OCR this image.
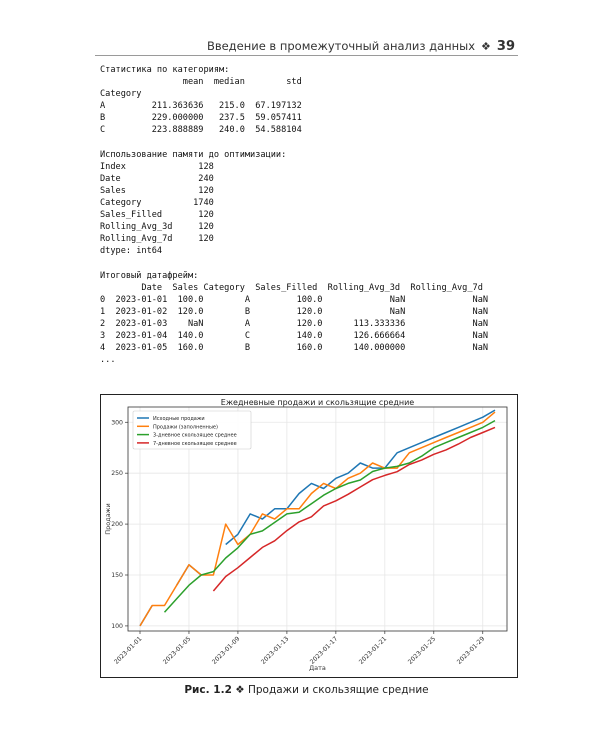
Введение в промежуточный анализ данных ❖ 39
Статистика по категориям:
mean  median        std
Category
A         211.363636   215.0  67.197132
B         229.000000   237.5  59.057411
C         223.888889   240.0  54.588104
Использование памяти до оптимизации:
Index              128
Date               240
Sales              120
Category          1740
Sales_Filled       120
Rolling_Avg_3d     120
Rolling_Avg_7d     120
dtype: int64
Итоговый датафрейм:
Date  Sales Category  Sales_Filled  Rolling_Avg_3d  Rolling_Avg_7d
0  2023-01-01  100.0        A         100.0             NaN             NaN
1  2023-01-02  120.0        B         120.0             NaN             NaN
2  2023-01-03    NaN        A         120.0      113.333336             NaN
3  2023-01-04  140.0        C         140.0      126.666664             NaN
4  2023-01-05  160.0        B         160.0      140.000000             NaN
...
Ежедневные продажи и скользящие средние
100
150
200
250
300
2023-01-01	2023-01-05	2023-01-09	2023-01-13	2023-01-17	2023-01-21	2023-01-25	2023-01-29
Дата
Продажи
Исходные продажи
Продажи (заполненные)
3-дневное скользящее среднее
7-дневное скользящее среднее
Рис. 1.2 ❖ Продажи и скользящие средние
